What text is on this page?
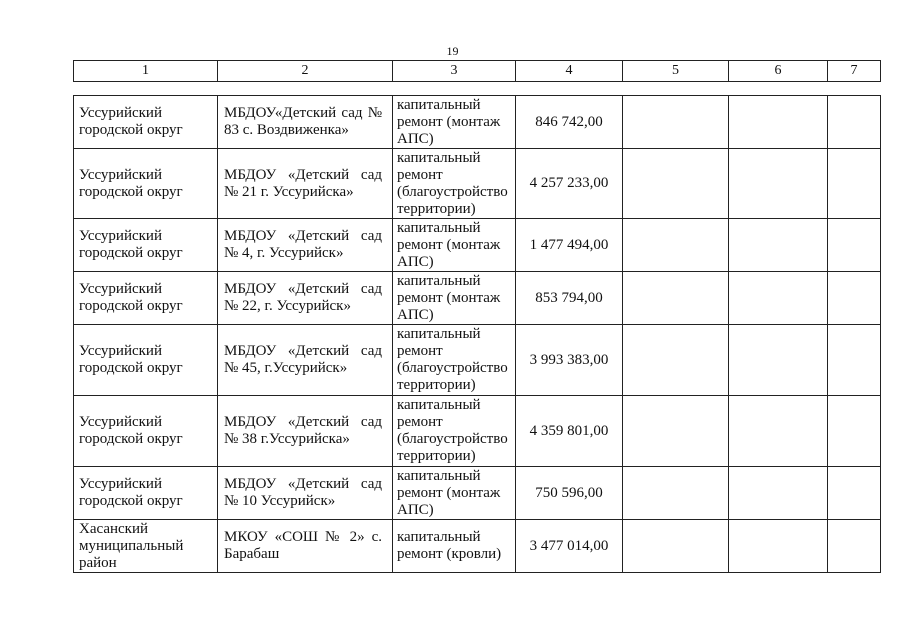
19
1	2	3	4	5	6	7
Уссурийский городской округ	МБДОУ«Детский сад № 83 с. Воздвиженка»	капитальный ремонт (монтаж АПС)	846 742,00			
Уссурийский городской округ	МБДОУ «Детский сад № 21 г. Уссурийска»	капитальный ремонт (благоустройство территории)	4 257 233,00			
Уссурийский городской округ	МБДОУ «Детский сад № 4, г. Уссурийск»	капитальный ремонт (монтаж АПС)	1 477 494,00			
Уссурийский городской округ	МБДОУ «Детский сад № 22, г. Уссурийск»	капитальный ремонт (монтаж АПС)	853 794,00			
Уссурийский городской округ	МБДОУ «Детский сад № 45, г.Уссурийск»	капитальный ремонт (благоустройство территории)	3 993 383,00			
Уссурийский городской округ	МБДОУ «Детский сад № 38 г.Уссурийска»	капитальный ремонт (благоустройство территории)	4 359 801,00			
Уссурийский городской округ	МБДОУ «Детский сад № 10 Уссурийск»	капитальный ремонт (монтаж АПС)	750 596,00			
Хасанский муниципальный район	МКОУ «СОШ № 2» с. Барабаш	капитальный ремонт (кровли)	3 477 014,00			
